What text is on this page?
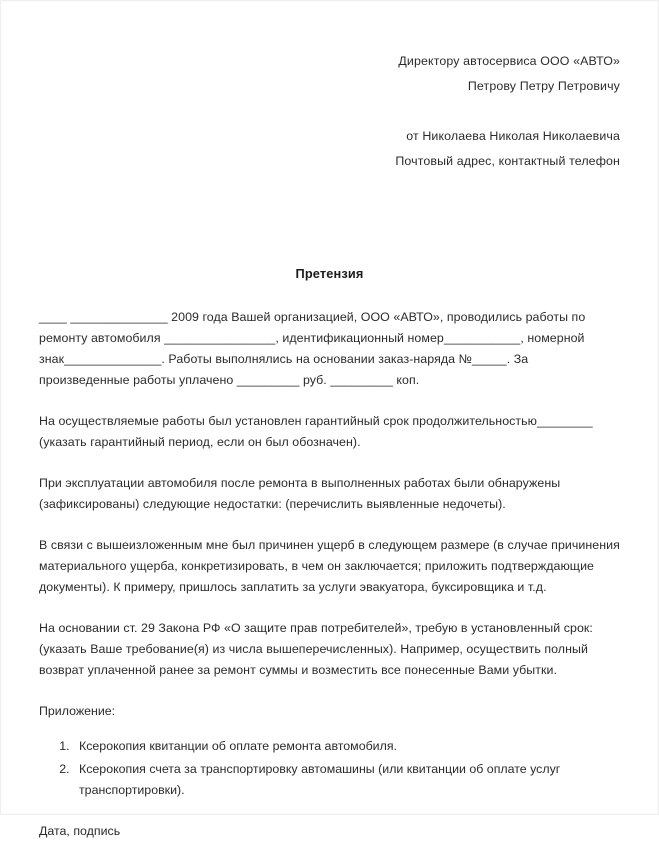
Директору автосервиса ООО «АВТО»
Петрову Петру Петровичу
от Николаева Николая Николаевича
Почтовый адрес, контактный телефон
Претензия

____ ______________ 2009 года Вашей организацией, ООО «АВТО», проводились работы по ремонту автомобиля ________________, идентификационный номер___________, номерной знак______________. Работы выполнялись на основании заказ-наряда №_____. За произведенные работы уплачено _________ руб. _________ коп.

На осуществляемые работы был установлен гарантийный срок продолжительностью________ (указать гарантийный период, если он был обозначен).

При эксплуатации автомобиля после ремонта в выполненных работах были обнаружены (зафиксированы) следующие недостатки: (перечислить выявленные недочеты).

В связи с вышеизложенным мне был причинен ущерб в следующем размере (в случае причинения материального ущерба, конкретизировать, в чем он заключается; приложить подтверждающие документы). К примеру, пришлось заплатить за услуги эвакуатора, буксировщика и т.д.

На основании ст. 29 Закона РФ «О защите прав потребителей», требую в установленный срок: (указать Ваше требование(я) из числа вышеперечисленных). Например, осуществить полный возврат уплаченной ранее за ремонт суммы и возместить все понесенные Вами убытки.

Приложение:

1. Ксерокопия квитанции об оплате ремонта автомобиля.
2. Ксерокопия счета за транспортировку автомашины (или квитанции об оплате услуг транспортировки).

Дата, подпись
